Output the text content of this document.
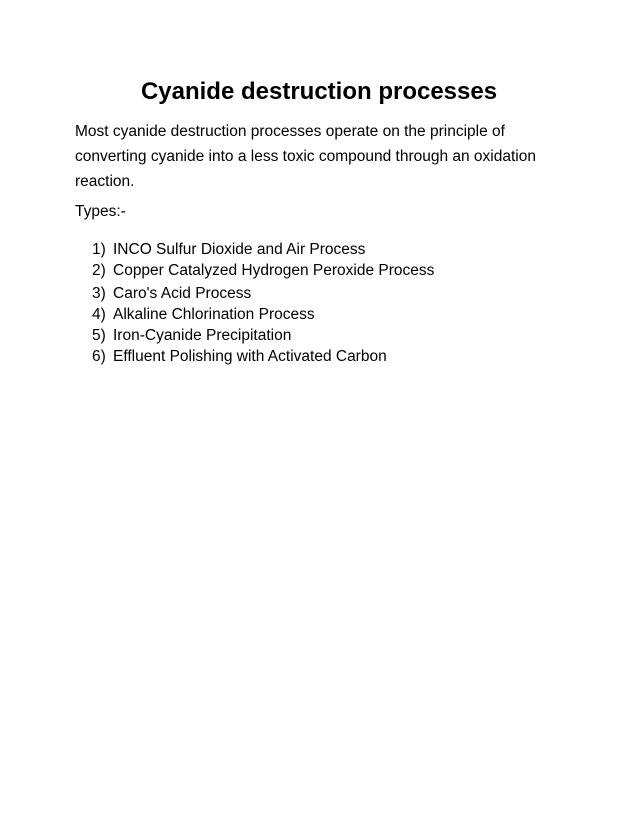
Cyanide destruction processes

Most cyanide destruction processes operate on the principle of converting cyanide into a less toxic compound through an oxidation reaction.

Types:-

1) INCO Sulfur Dioxide and Air Process
2) Copper Catalyzed Hydrogen Peroxide Process
3) Caro's Acid Process
4) Alkaline Chlorination Process
5) Iron-Cyanide Precipitation
6) Effluent Polishing with Activated Carbon
